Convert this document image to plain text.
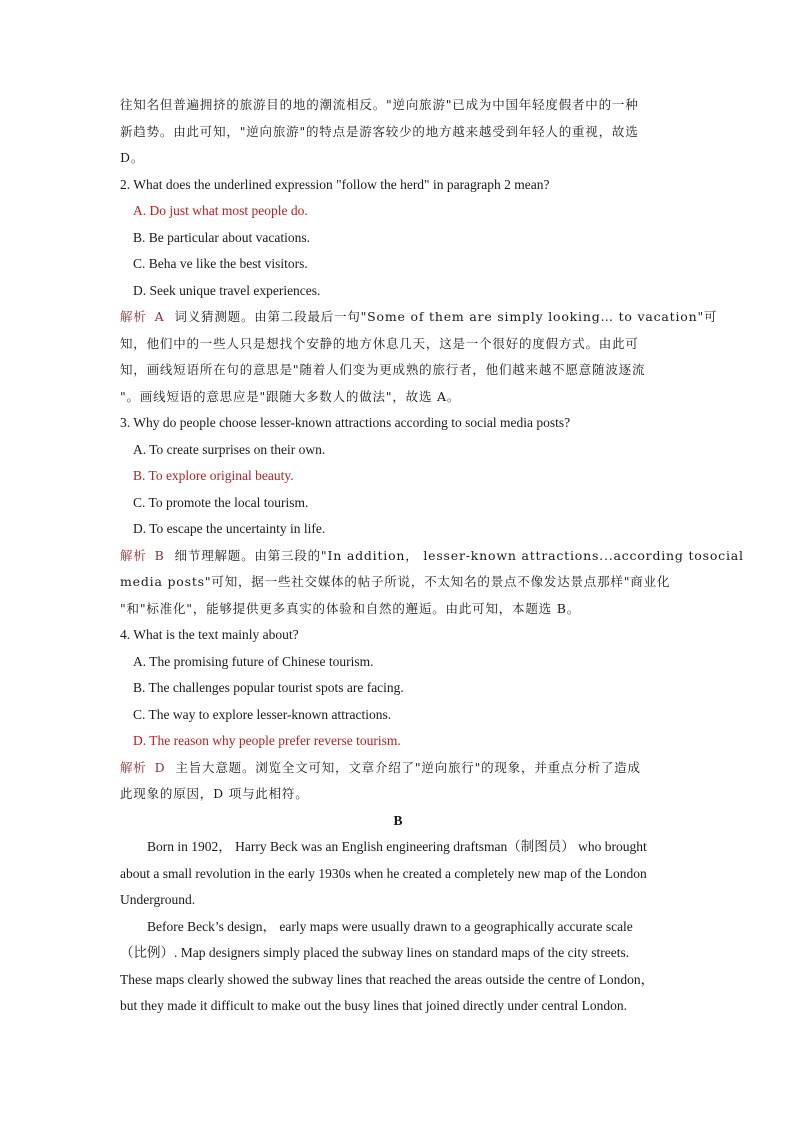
往知名但普遍拥挤的旅游目的地的潮流相反。"逆向旅游"已成为中国年轻度假者中的一种
新趋势。由此可知，"逆向旅游"的特点是游客较少的地方越来越受到年轻人的重视，故选
D。
2. What does the underlined expression "follow the herd" in paragraph 2 mean?
A. Do just what most people do.
B. Be particular about vacations.
C. Beha ve like the best visitors.
D. Seek unique travel experiences.
解析 A 词义猜测题。由第二段最后一句"Some of them are simply looking… to vacation"可
知，他们中的一些人只是想找个安静的地方休息几天，这是一个很好的度假方式。由此可
知，画线短语所在句的意思是"随着人们变为更成熟的旅行者，他们越来越不愿意随波逐流
"。画线短语的意思应是"跟随大多数人的做法"，故选 A。
3. Why do people choose lesser-known attractions according to social media posts?
A. To create surprises on their own.
B. To explore original beauty.
C. To promote the local tourism.
D. To escape the uncertainty in life.
解析 B 细节理解题。由第三段的"In addition， lesser-known attractions...according tosocial
media posts"可知，据一些社交媒体的帖子所说，不太知名的景点不像发达景点那样"商业化
"和"标准化"，能够提供更多真实的体验和自然的邂逅。由此可知，本题选 B。
4. What is the text mainly about?
A. The promising future of Chinese tourism.
B. The challenges popular tourist spots are facing.
C. The way to explore lesser-known attractions.
D. The reason why people prefer reverse tourism.
解析 D 主旨大意题。浏览全文可知，文章介绍了"逆向旅行"的现象，并重点分析了造成
此现象的原因，D 项与此相符。
B
Born in 1902， Harry Beck was an English engineering draftsman（制图员） who brought
about a small revolution in the early 1930s when he created a completely new map of the London
Underground.
Before Beck’s design， early maps were usually drawn to a geographically accurate scale
（比例）. Map designers simply placed the subway lines on standard maps of the city streets.
These maps clearly showed the subway lines that reached the areas outside the centre of London，
but they made it difficult to make out the busy lines that joined directly under central London.
